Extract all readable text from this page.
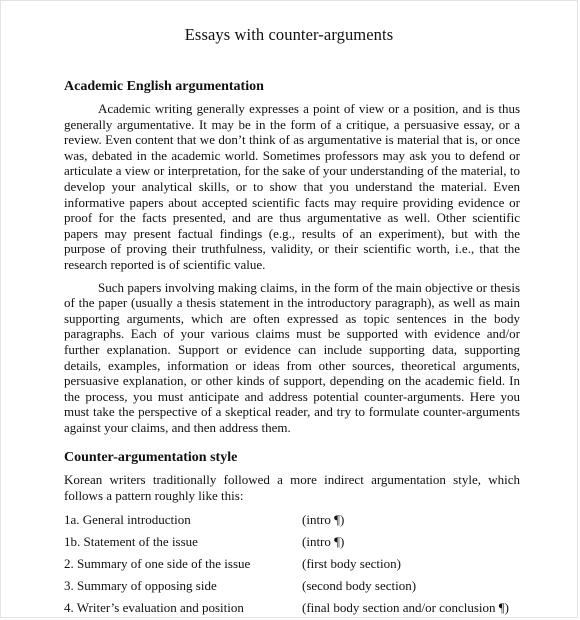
Essays with counter-arguments
Academic English argumentation

Academic writing generally expresses a point of view or a position, and is thus generally argumentative. It may be in the form of a critique, a persuasive essay, or a review. Even content that we don’t think of as argumentative is material that is, or once was, debated in the academic world. Sometimes professors may ask you to defend or articulate a view or interpretation, for the sake of your understanding of the material, to develop your analytical skills, or to show that you understand the material. Even informative papers about accepted scientific facts may require providing evidence or proof for the facts presented, and are thus argumentative as well. Other scientific papers may present factual findings (e.g., results of an experiment), but with the purpose of proving their truthfulness, validity, or their scientific worth, i.e., that the research reported is of scientific value.

Such papers involving making claims, in the form of the main objective or thesis of the paper (usually a thesis statement in the introductory paragraph), as well as main supporting arguments, which are often expressed as topic sentences in the body paragraphs. Each of your various claims must be supported with evidence and/or further explanation. Support or evidence can include supporting data, supporting details, examples, information or ideas from other sources, theoretical arguments, persuasive explanation, or other kinds of support, depending on the academic field. In the process, you must anticipate and address potential counter-arguments. Here you must take the perspective of a skeptical reader, and try to formulate counter-arguments against your claims, and then address them.

Counter-argumentation style

Korean writers traditionally followed a more indirect argumentation style, which follows a pattern roughly like this:

1a. General introduction	(intro ¶)
1b. Statement of the issue	(intro ¶)
2. Summary of one side of the issue	(first body section)
3. Summary of opposing side	(second body section)
4. Writer’s evaluation and position	(final body section and/or conclusion ¶)
